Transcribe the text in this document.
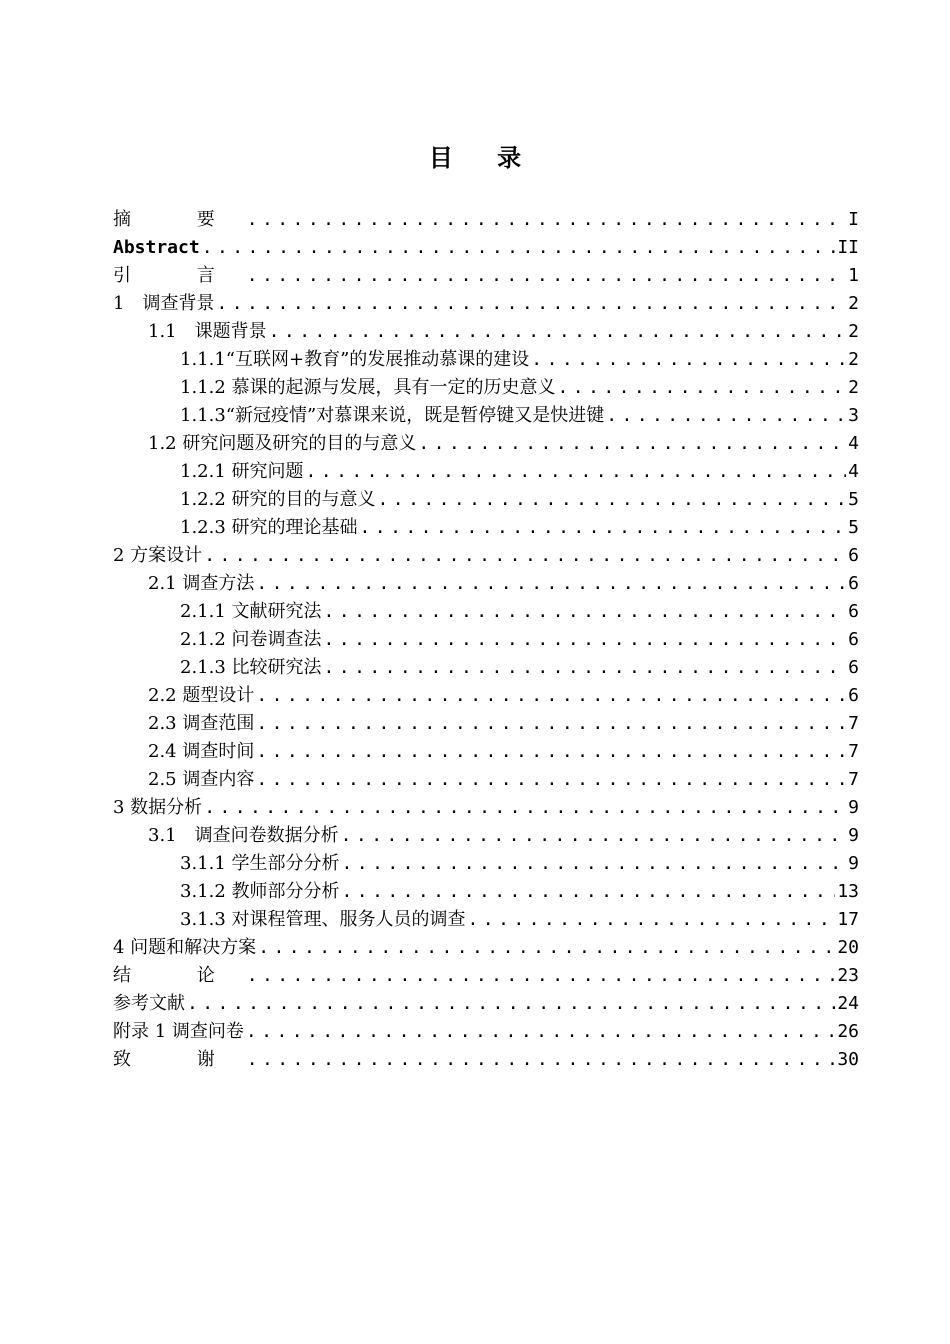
目 录
摘 要 . . .	I
Abstract . . .	II
引 言 . . .	1
1　调查背景 . . .	2
1.1　课题背景 . . .	2
1.1.1“互联网+教育”的发展推动慕课的建设 . . .	2
1.1.2 慕课的起源与发展，具有一定的历史意义 . . .	2
1.1.3“新冠疫情”对慕课来说，既是暂停键又是快进键 . . .	3
1.2 研究问题及研究的目的与意义 . . .	4
1.2.1 研究问题 . . .	4
1.2.2 研究的目的与意义 . . .	5
1.2.3 研究的理论基础 . . .	5
2 方案设计 . . .	6
2.1 调查方法 . . .	6
2.1.1 文献研究法 . . .	6
2.1.2 问卷调查法 . . .	6
2.1.3 比较研究法 . . .	6
2.2 题型设计 . . .	6
2.3 调查范围 . . .	7
2.4 调查时间 . . .	7
2.5 调查内容 . . .	7
3 数据分析 . . .	9
3.1　调查问卷数据分析 . . .	9
3.1.1 学生部分分析 . . .	9
3.1.2 教师部分分析 . . .	13
3.1.3 对课程管理、服务人员的调查 . . .	17
4 问题和解决方案 . . .	20
结 论 . . .	23
参考文献 . . .	24
附录 1 调查问卷 . . .	26
致 谢 . . .	30
